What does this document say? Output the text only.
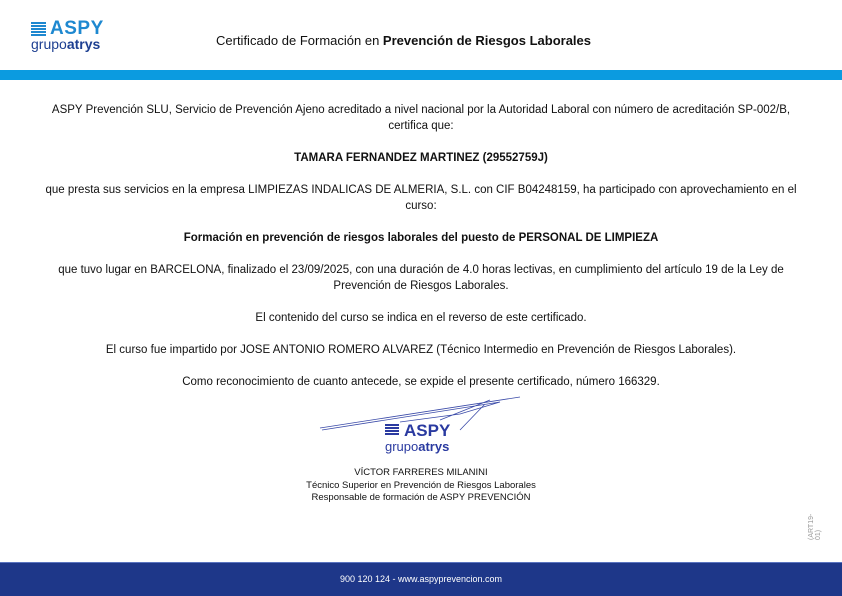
ASPY
grupoatrys	Certificado de Formación en Prevención de Riesgos Laborales

ASPY Prevención SLU, Servicio de Prevención Ajeno acreditado a nivel nacional por la Autoridad Laboral con número de acreditación SP-002/B, certifica que:

TAMARA FERNANDEZ MARTINEZ (29552759J)

que presta sus servicios en la empresa LIMPIEZAS INDALICAS DE ALMERIA, S.L. con CIF B04248159, ha participado con aprovechamiento en el curso:

Formación en prevención de riesgos laborales del puesto de PERSONAL DE LIMPIEZA

que tuvo lugar en BARCELONA, finalizado el 23/09/2025, con una duración de 4.0 horas lectivas, en cumplimiento del artículo 19 de la Ley de Prevención de Riesgos Laborales.

El contenido del curso se indica en el reverso de este certificado.

El curso fue impartido por JOSE ANTONIO ROMERO ALVAREZ (Técnico Intermedio en Prevención de Riesgos Laborales).

Como reconocimiento de cuanto antecede, se expide el presente certificado, número 166329.

ASPY
grupoatrys
VÍCTOR FARRERES MILANINI
Técnico Superior en Prevención de Riesgos Laborales
Responsable de formación de ASPY PREVENCIÓN
(ART19-01)
900 120 124 - www.aspyprevencion.com
